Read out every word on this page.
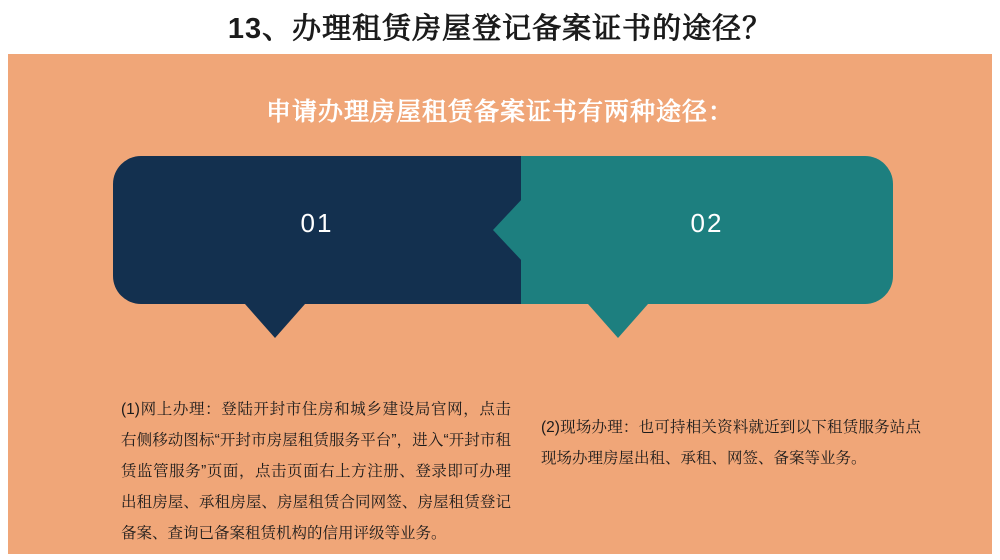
13、办理租赁房屋登记备案证书的途径？
申请办理房屋租赁备案证书有两种途径：
01	02
(1)网上办理：登陆开封市住房和城乡建设局官网，点击右侧移动图标“开封市房屋租赁服务平台”，进入“开封市租赁监管服务”页面，点击页面右上方注册、登录即可办理出租房屋、承租房屋、房屋租赁合同网签、房屋租赁登记备案、查询已备案租赁机构的信用评级等业务。
(2)现场办理：也可持相关资料就近到以下租赁服务站点现场办理房屋出租、承租、网签、备案等业务。
